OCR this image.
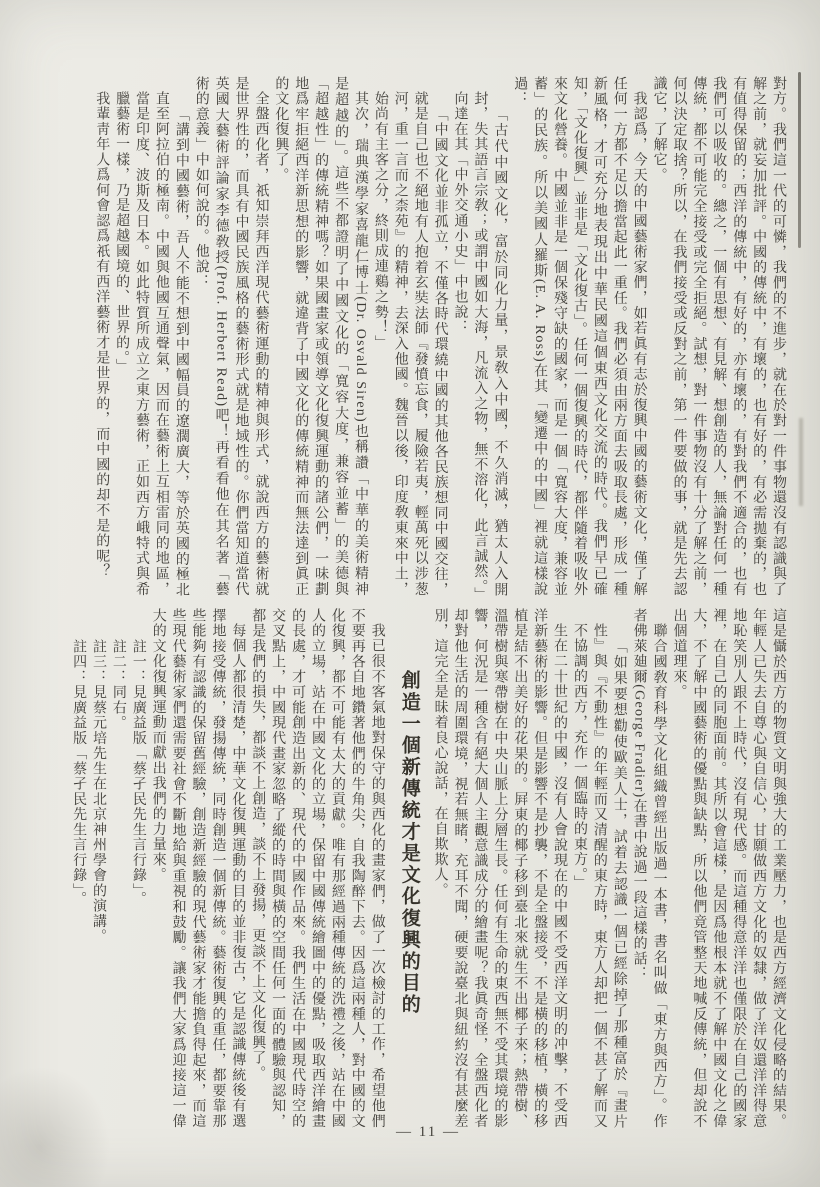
對方。我們這一代的可憐，我們的不進步，就在於對一件事物還沒有認識與了解之前，就妄加批評。中國的傳統中，有壞的，也有好的，有必需拋棄的，也有值得保留的；西洋的傳統中，有好的，亦有壞的，有對我們不適合的，也有我們可以吸收的。總之，一個有思想、有見解、想創造的人，無論對任何一種傳統，都不可能完全接受或完全拒絕。試想，對一件事物沒有十分了解之前，何以決定取捨？所以，在我們接受或反對之前，第一件要做的事，就是先去認識它，了解它。

我認爲，今天的中國藝術家們，如若眞有志於復興中國的藝術文化，僅了解任何一方都不足以擔當起此一重任。我們必須由兩方面去吸取長處，形成一種新風格，才可充分地表現出中華民國這個東西文化交流的時代。我們早已確知，「文化復興」並非是「文化復古」。任何一個復興的時代，都伴隨着吸收外來文化營養。中國並非是一個保殘守缺的國家，而是一個「寬容大度，兼容並蓄」的民族。所以美國人羅斯(E. A. Ross)在其「變遷中的中國」裡就這樣說過：

「古代中國文化，富於同化力量，景敎入中國，不久消滅，猶太人入開封，失其語言宗敎；或謂中國如大海，凡流入之物，無不溶化，此言誠然。」

向達在其「中外交通小史」中也說：

「中國文化並非孤立，不僅各時代環繞中國的其他各民族想同中國交往，就是自己也不絕地有人抱着玄奘法師『發憤忘食，履險若夷，輕萬死以涉葱河，重一言而之柰苑』的精神，去深入他國。魏晉以後，印度敎東來中土，始尚有主客之分，終則成連鷄之勢！」

其次，瑞典漢學家喜龍仁博士(Dr. Osvald Siren)也稱讚「中華的美術精神是超越的」。這些不都證明了中國文化的「寬容大度，兼容並蓄」的美德與「超越性」的傳統精神嗎？如果國畫家或領導文化復興運動的諸公們，一味劃地爲牢拒絕西洋新思想的影響，就違背了中國文化的傳統精神而無法達到眞正的文化復興了。

全盤西化者，祇知崇拜西洋現代藝術運動的精神與形式，就說西方的藝術就是世界性的，而具有中國民族風格的藝術形式就是地域性的。你們當知道當代英國大藝術評論家李德敎授(Prof. Herbert Read)吧！再看看他在其名著「藝術的意義」中如何說的。他說：

「講到中國藝術，吾人不能不想到中國幅員的遼濶廣大，等於英國的極北直至阿拉伯的極南。中國與他國互通聲氣，因而在藝術上互相雷同的地區，當是印度、波斯及日本。如此特質所成立之東方藝術，正如西方峨特式與希臘藝術一樣，乃是超越國境的、世界的。」

我輩靑年人爲何會認爲祇有西洋藝術才是世界的，而中國的却不是的呢？

這是懾於西方的物質文明與強大的工業壓力，也是西方經濟文化侵略的結果。年輕人已失去自尊心與自信心，甘願做西方文化的奴隸，做了洋奴還洋洋得意地恥笑別人跟不上時代，沒有現代感。而這種得意洋洋也僅限於在自己的國家裡，在自己的同胞面前。其所以會這樣，是因爲他根本就不了解中國文化之偉大，不了解中國藝術的優點與缺點，所以他們竟管整天地喊反傳統，但却說不出個道理來。

聯合國敎育科學文化組織曾經出版過一本書，書名叫做「東方與西方」。作者佛萊廸爾(George Fradier)在書中說過一段這樣的話：

「如果要想勸使歐美人士，試着去認識一個已經除掉了那種富於『畫片性』與『不動性』的年輕而又清醒的東方時，東方人却把一個不甚了解而又不協調的西方，充作一個臨時的東方。」

生在二十世紀的中國，沒有人會說現在的中國不受西洋文明的冲擊，不受西洋新藝術的影響。但是影響不是抄襲，不是全盤接受，不是橫的移植，橫的移植是結不出美好的花果的。屛東的椰子移到臺北來就生不出椰子來；熱帶樹、溫帶樹與寒帶樹在中央山脈上分層生長。任何有生命的東西無不受其環境的影響，何況是一種含有絕大個人主觀意識成分的繪畫呢？我眞奇怪，全盤西化者却對他生活的周圍環境，視若無睹，充耳不聞，硬要說臺北與紐約沒有甚麼差別，這完全是昧着良心說話，在自欺欺人。

創造一個新傳統才是文化復興的目的

我已很不客氣地對保守的與西化的畫家們，做了一次檢討的工作，希望他們不要再各自地鑽著他們的牛角尖，自我陶醉下去。因爲這兩種人，對中國的文化復興，都不可能有太大的貢獻。唯有那經過兩種傳統的洗禮之後，站在中國人的立場，站在中國文化的立場，保留中國傳統繪圖中的優點，吸取西洋繪畫的長處，才可能創造出新的、現代的中國作品來。我們生活在中國現代時空的交叉點上，中國現代畫家忽略了縱的時間與橫的空間任何一面的體驗與認知，都是我們的損失，都談不上創造，談不上發揚，更談不上文化復興了。

每個人都很清楚，中華文化復興運動的目的並非復古，它是認識傳統後有選擇地接受傳統，發揚傳統，同時創造一個新傳統。藝術復興的重任，都要靠那些能夠有認識的保留舊經驗，創造新經驗的現代藝術家才能擔負得起來，而這些現代藝術家們還需要社會不斷地給與重視和鼓勵。讓我們大家爲迎接這一偉大的文化復興運動而獻出我們的力量來。

註一：見廣益版「蔡孑民先生言行錄」。

註二：同右。

註三：見蔡元培先生在北京神州學會的演講。

註四：見廣益版「蔡孑民先生言行錄」。

— 11 —
